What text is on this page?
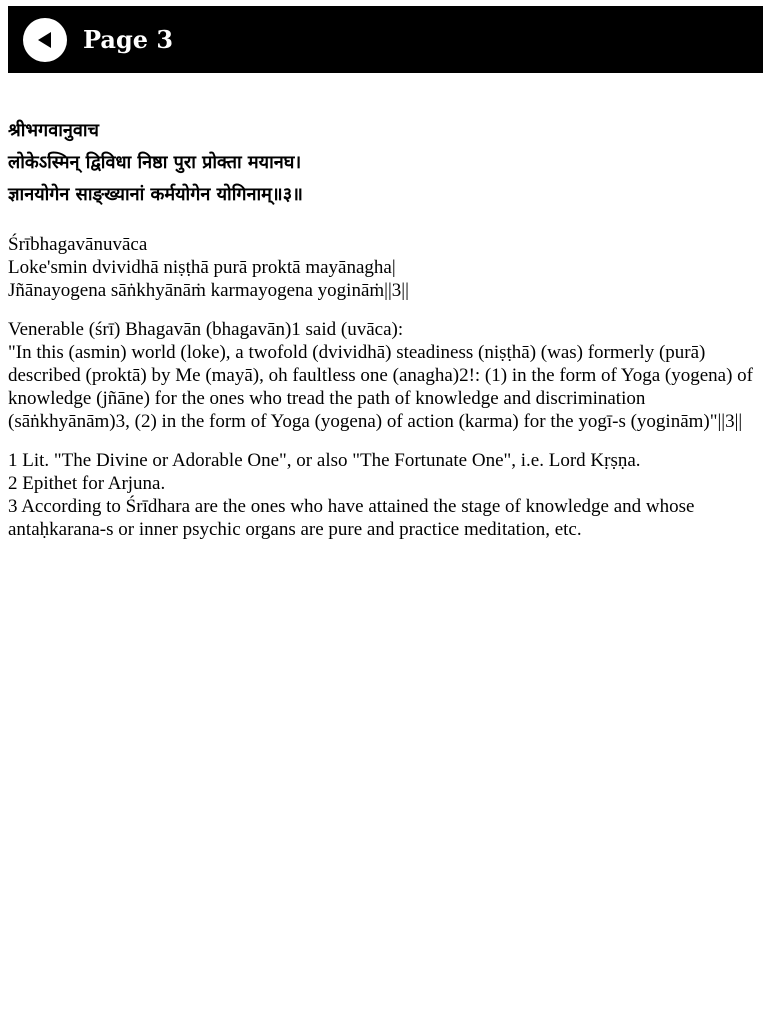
Page 3
श्रीभगवानुवाच
लोकेऽस्मिन् द्विविधा निष्ठा पुरा प्रोक्ता मयानघ।
ज्ञानयोगेन साङ्ख्यानां कर्मयोगेन योगिनाम्॥३॥
Śrībhagavānuvāca
Loke'smin dvividhā niṣṭhā purā proktā mayānagha|
Jñānayogena sāṅkhyānāṁ karmayogena yogināṁ||3||
Venerable (śrī) Bhagavān (bhagavān)1 said (uvāca):
"In this (asmin) world (loke), a twofold (dvividhā) steadiness (niṣṭhā) (was) formerly (purā) described (proktā) by Me (mayā), oh faultless one (anagha)2!: (1) in the form of Yoga (yogena) of knowledge (jñāne) for the ones who tread the path of knowledge and discrimination (sāṅkhyānām)3, (2) in the form of Yoga (yogena) of action (karma) for the yogī-s (yoginām)"||3||
1 Lit. "The Divine or Adorable One", or also "The Fortunate One", i.e. Lord Kṛṣṇa.
2 Epithet for Arjuna.
3 According to Śrīdhara are the ones who have attained the stage of knowledge and whose antaḥkarana-s or inner psychic organs are pure and practice meditation, etc.
